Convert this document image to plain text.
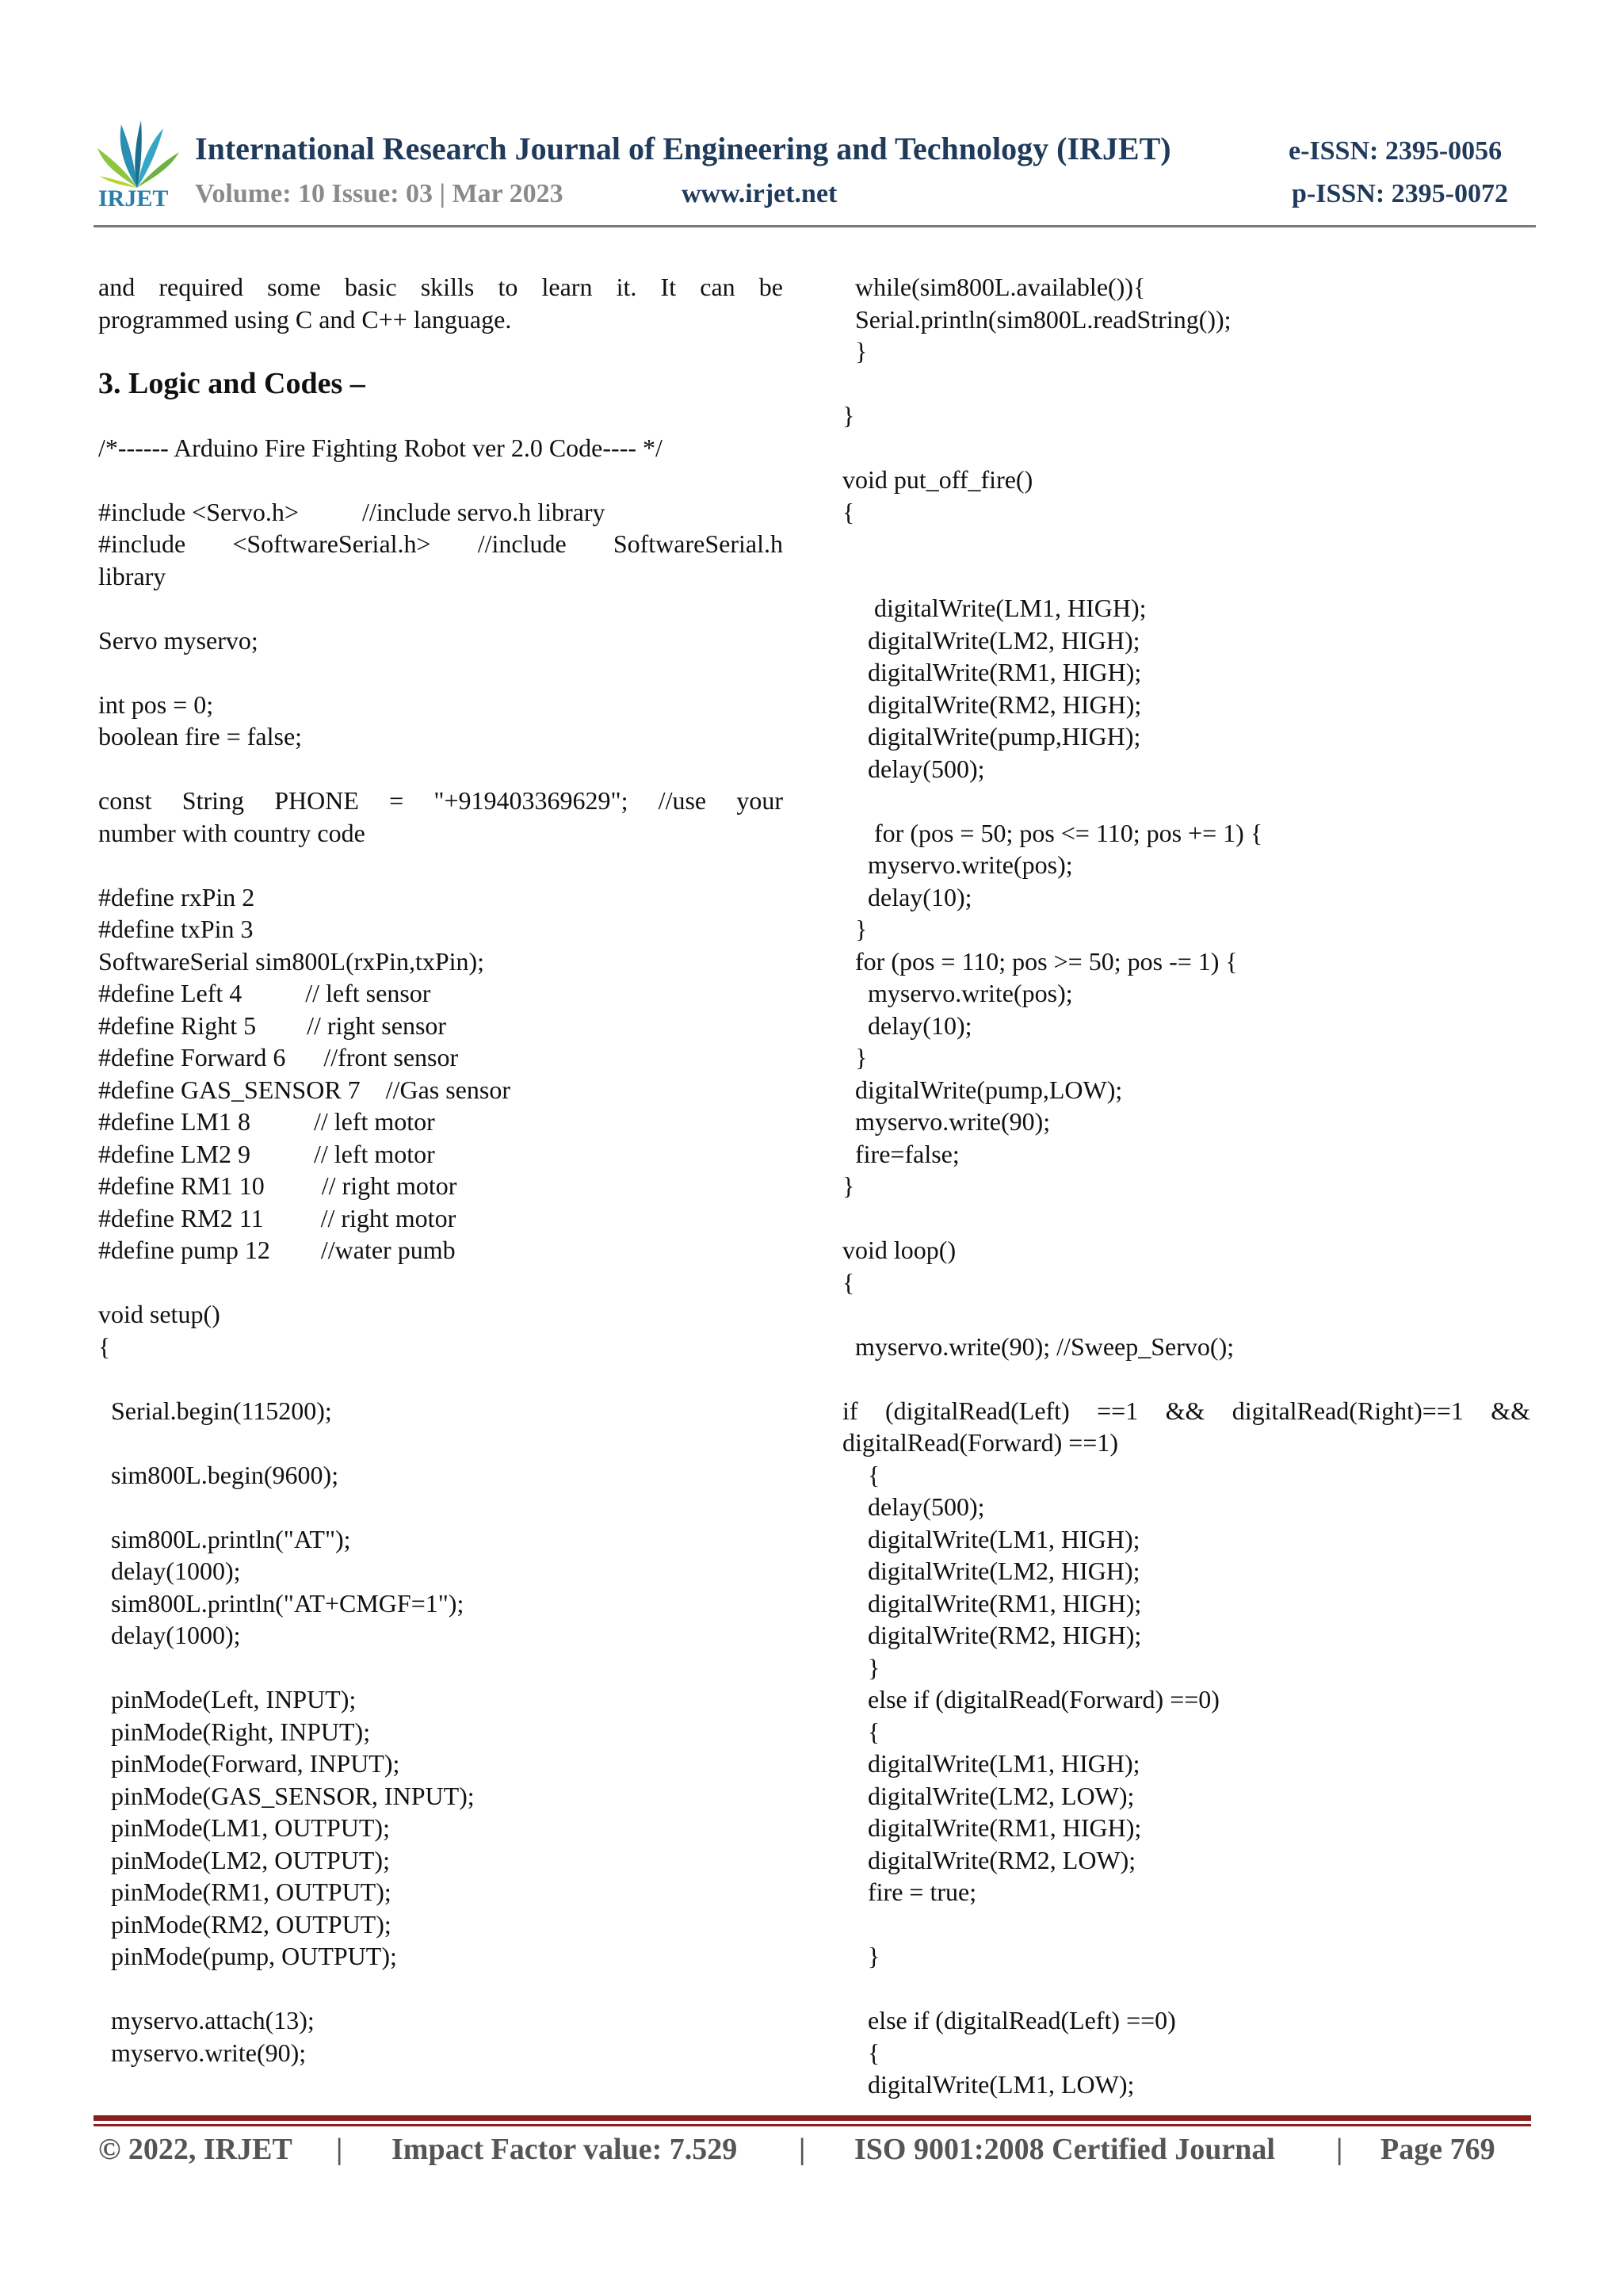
IRJET
International Research Journal of Engineering and Technology (IRJET)	e-ISSN: 2395-0056
Volume: 10 Issue: 03 | Mar 2023	www.irjet.net	p-ISSN: 2395-0072
and required some basic skills to learn it. It can be
programmed using C and C++ language.
3. Logic and Codes –
/*------ Arduino Fire Fighting Robot ver 2.0 Code---- */
#include <Servo.h>          //include servo.h library
#include <SoftwareSerial.h> //include SoftwareSerial.h
library
Servo myservo;
int pos = 0;
boolean fire = false;
const String PHONE = "+919403369629"; //use your
number with country code
#define rxPin 2
#define txPin 3
SoftwareSerial sim800L(rxPin,txPin);
#define Left 4          // left sensor
#define Right 5        // right sensor
#define Forward 6      //front sensor
#define GAS_SENSOR 7    //Gas sensor
#define LM1 8          // left motor
#define LM2 9          // left motor
#define RM1 10         // right motor
#define RM2 11         // right motor
#define pump 12        //water pumb
void setup()
{
Serial.begin(115200);
sim800L.begin(9600);
sim800L.println("AT");
delay(1000);
sim800L.println("AT+CMGF=1");
delay(1000);
pinMode(Left, INPUT);
pinMode(Right, INPUT);
pinMode(Forward, INPUT);
pinMode(GAS_SENSOR, INPUT);
pinMode(LM1, OUTPUT);
pinMode(LM2, OUTPUT);
pinMode(RM1, OUTPUT);
pinMode(RM2, OUTPUT);
pinMode(pump, OUTPUT);
myservo.attach(13);
myservo.write(90);
while(sim800L.available()){
Serial.println(sim800L.readString());
}
}
void put_off_fire()
{
digitalWrite(LM1, HIGH);
digitalWrite(LM2, HIGH);
digitalWrite(RM1, HIGH);
digitalWrite(RM2, HIGH);
digitalWrite(pump,HIGH);
delay(500);
for (pos = 50; pos <= 110; pos += 1) {
myservo.write(pos);
delay(10);
}
for (pos = 110; pos >= 50; pos -= 1) {
myservo.write(pos);
delay(10);
}
digitalWrite(pump,LOW);
myservo.write(90);
fire=false;
}
void loop()
{
myservo.write(90); //Sweep_Servo();
if (digitalRead(Left) ==1 && digitalRead(Right)==1 &&
digitalRead(Forward) ==1)
{
delay(500);
digitalWrite(LM1, HIGH);
digitalWrite(LM2, HIGH);
digitalWrite(RM1, HIGH);
digitalWrite(RM2, HIGH);
}
else if (digitalRead(Forward) ==0)
{
digitalWrite(LM1, HIGH);
digitalWrite(LM2, LOW);
digitalWrite(RM1, HIGH);
digitalWrite(RM2, LOW);
fire = true;
}
else if (digitalRead(Left) ==0)
{
digitalWrite(LM1, LOW);
© 2022, IRJET | Impact Factor value: 7.529 | ISO 9001:2008 Certified Journal | Page 769
